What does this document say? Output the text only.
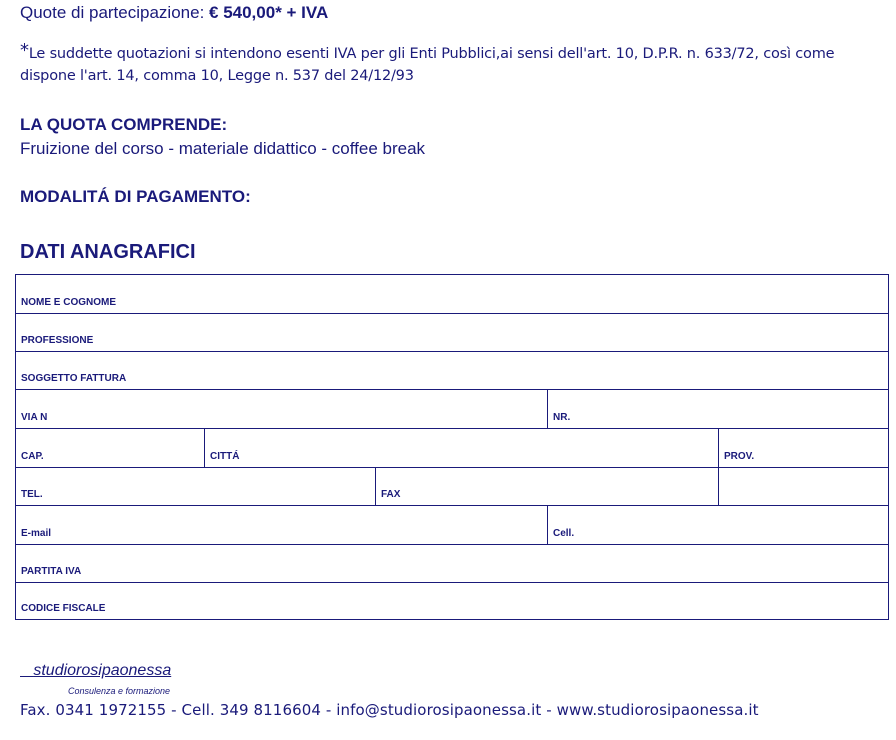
Quote di partecipazione: € 540,00* + IVA
*Le suddette quotazioni si intendono esenti IVA per gli Enti Pubblici,ai sensi dell'art. 10, D.P.R. n. 633/72, così come
dispone l'art. 14, comma 10, Legge n. 537 del 24/12/93
LA QUOTA COMPRENDE:
Fruizione del corso - materiale didattico - coffee break
MODALITÁ DI PAGAMENTO:
DATI ANAGRAFICI
NOME E COGNOME
PROFESSIONE
SOGGETTO FATTURA
VIA N	NR.
CAP.	CITTÁ	PROV.
TEL.	FAX
E-mail	Cell.
PARTITA IVA
CODICE FISCALE
studiorosipaonessa
Consulenza e formazione
Fax. 0341 1972155 - Cell. 349 8116604 - info@studiorosipaonessa.it - www.studiorosipaonessa.it
